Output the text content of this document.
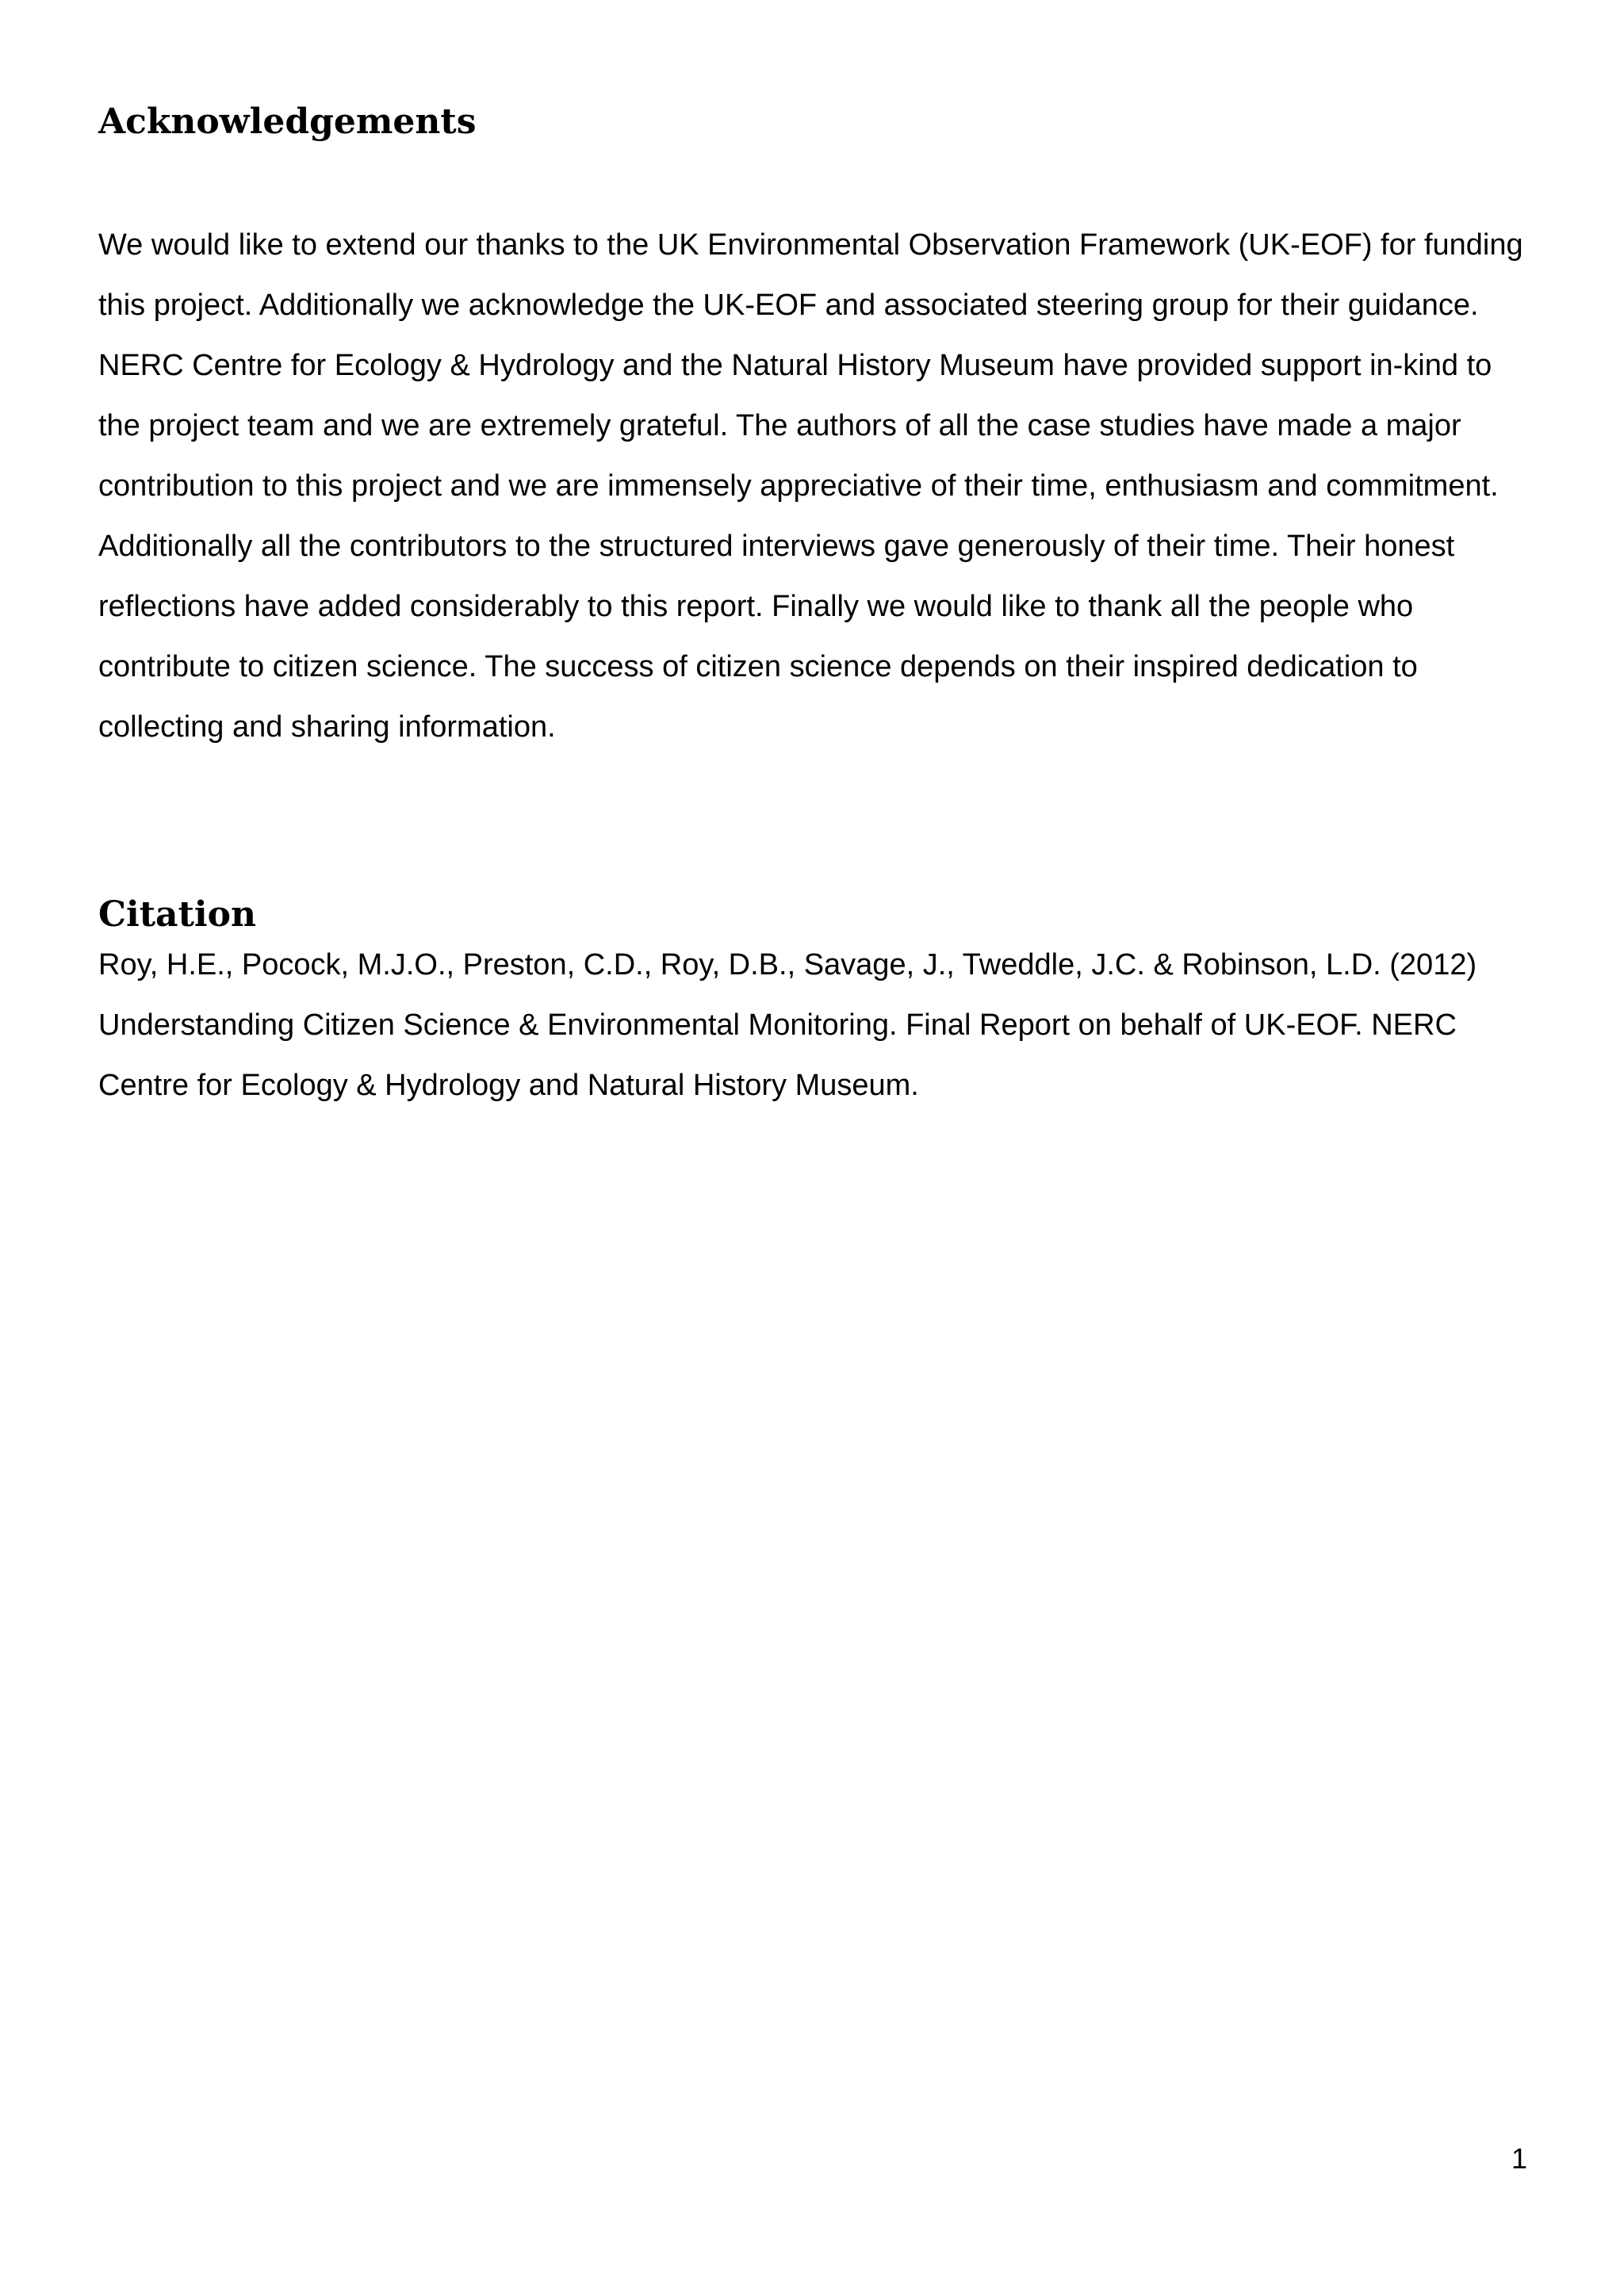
Acknowledgements

We would like to extend our thanks to the UK Environmental Observation Framework (UK-EOF) for funding

this project. Additionally we acknowledge the UK-EOF and associated steering group for their guidance.

NERC Centre for Ecology & Hydrology and the Natural History Museum have provided support in-kind to

the project team and we are extremely grateful. The authors of all the case studies have made a major

contribution to this project and we are immensely appreciative of their time, enthusiasm and commitment.

Additionally all the contributors to the structured interviews gave generously of their time. Their honest

reflections have added considerably to this report. Finally we would like to thank all the people who

contribute to citizen science. The success of citizen science depends on their inspired dedication to

collecting and sharing information.

Citation

Roy, H.E., Pocock, M.J.O., Preston, C.D., Roy, D.B., Savage, J., Tweddle, J.C. & Robinson, L.D. (2012)

Understanding Citizen Science & Environmental Monitoring. Final Report on behalf of UK-EOF. NERC

Centre for Ecology & Hydrology and Natural History Museum.

1
